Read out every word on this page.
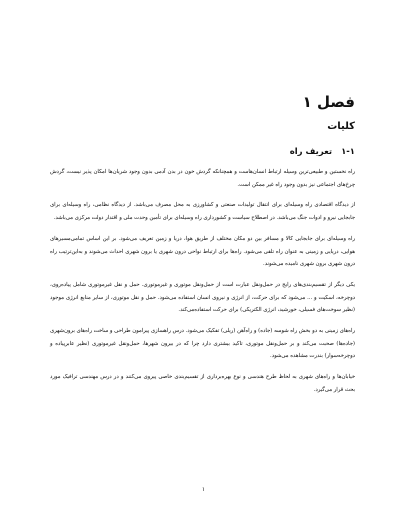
فصل ۱
کلیات
۱-۱ تعریف راه

راه نخستین و طبیعی‌ترین وسیله ارتباط انسان‌هاست و همچنانکه گردش خون در بدن آدمی بدون وجود شریان‌ها امکان پذیر نیست، گردش چرخ‌های اجتماعی نیز بدون وجود راه غیر ممکن است.

از دیدگاه اقتصادی راه وسیله‌ای برای انتقال تولیدات صنعتی و کشاورزی به محل مصرف می‌باشد. از دیدگاه نظامی، راه وسیله‌ای برای جابجایی نیرو و ادوات جنگ می‌باشد. در اصطلاح سیاست و کشورداری راه وسیله‌ای برای تأمین وحدت ملی و اقتدار دولت مرکزی می‌باشد.

راه وسیله‌ای برای جابجایی کالا و مسافر بین دو مکان مختلف از طریق هوا، دریا و زمین تعریف می‌شود. بر این اساس تمامی‌مسیرهای هوایی، دریایی و زمینی به عنوان راه تلقی می‌شود. راه‌ها برای ارتباط نواحی درون شهری یا برون شهری احداث می‌شوند و به‌این‌ترتیب راه درون شهری برون شهری نامیده می‌شوند.

یکی دیگر از تقسیم‌بندی‌های رایج در حمل‌ونقل عبارت است از حمل‌ونقل موتوری و غیرموتوری. حمل و نقل غیرموتوری شامل پیاده‌روی، دوچرخه، اسکیت و ... می‌شود که برای حرکت، از انرژی و نیروی انسان استفاده می‌شود. حمل و نقل موتوری، از سایر منابع انرژی موجود (نظیر سوخت‌های فسیلی، خورشید، انرژی الکتریکی) برای حرکت استفاده‌می‌کند.

راه‌های زمینی به دو بخش راه شوسه (جاده) و راه‌آهن (ریلی) تفکیک می‌شود. درس راهسازی پیرامون طراحی و ساخت راه‌های برون‌شهری (جاده‌ها) صحبت می‌کند و بر حمل‌ونقل موتوری، تاکید بیشتری دارد چرا که در بیرون شهرها، حمل‌ونقل غیرموتوری (نظیر عابرپیاده و دوچرخه‌سوار) بندرت مشاهده می‌شود.

خیابان‌ها و راه‌های شهری به لحاظ طرح هندسی و نوع بهره‌برداری از تقسیم‌بندی خاصی پیروی می‌کنند و در درس مهندسی ترافیک مورد بحث قرار می‌گیرد.

۱
